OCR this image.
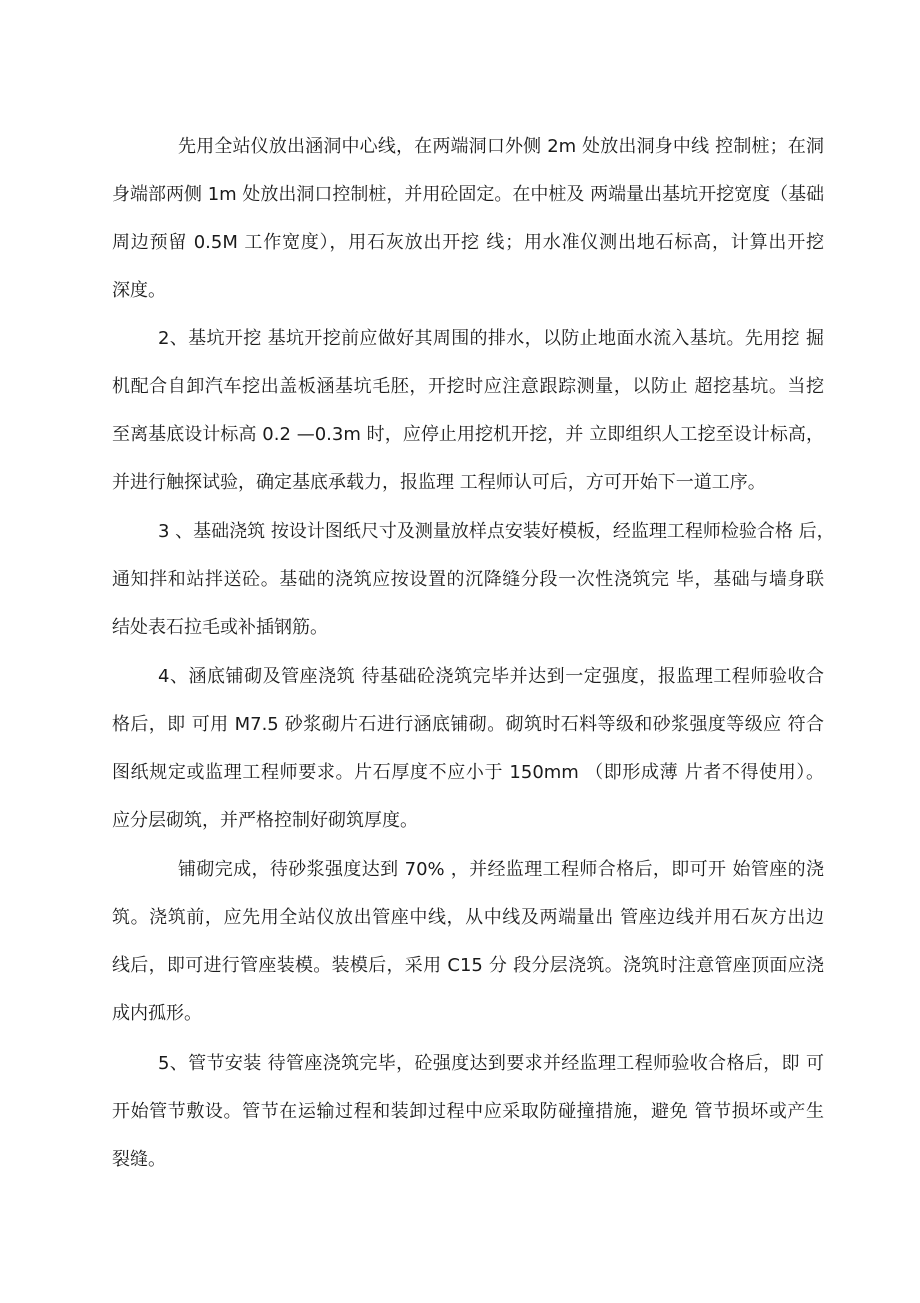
先用全站仪放出涵洞中心线，在两端洞口外侧 2m 处放出洞身中线 控制桩；在洞
身端部两侧 1m 处放出洞口控制桩，并用砼固定。在中桩及 两端量出基坑开挖宽度（基础
周边预留 0.5M 工作宽度），用石灰放出开挖 线；用水准仪测出地石标高，计算出开挖
深度。
2、基坑开挖 基坑开挖前应做好其周围的排水，以防止地面水流入基坑。先用挖 掘
机配合自卸汽车挖出盖板涵基坑毛胚，开挖时应注意跟踪测量，以防止 超挖基坑。当挖
至离基底设计标高 0.2 —0.3m 时，应停止用挖机开挖，并 立即组织人工挖至设计标高，
并进行触探试验，确定基底承载力，报监理 工程师认可后，方可开始下一道工序。
3 、基础浇筑 按设计图纸尺寸及测量放样点安装好模板，经监理工程师检验合格 后，
通知拌和站拌送砼。基础的浇筑应按设置的沉降缝分段一次性浇筑完 毕，基础与墙身联
结处表石拉毛或补插钢筋。
4、涵底铺砌及管座浇筑 待基础砼浇筑完毕并达到一定强度，报监理工程师验收合
格后，即 可用 M7.5 砂浆砌片石进行涵底铺砌。砌筑时石料等级和砂浆强度等级应 符合
图纸规定或监理工程师要求。片石厚度不应小于 150mm （即形成薄 片者不得使用）。
应分层砌筑，并严格控制好砌筑厚度。
铺砌完成，待砂浆强度达到 70% ，并经监理工程师合格后，即可开 始管座的浇
筑。浇筑前，应先用全站仪放出管座中线，从中线及两端量出 管座边线并用石灰方出边
线后，即可进行管座装模。装模后，采用 C15 分 段分层浇筑。浇筑时注意管座顶面应浇
成内孤形。
5、管节安装 待管座浇筑完毕，砼强度达到要求并经监理工程师验收合格后，即 可
开始管节敷设。管节在运输过程和装卸过程中应采取防碰撞措施，避免 管节损坏或产生
裂缝。
